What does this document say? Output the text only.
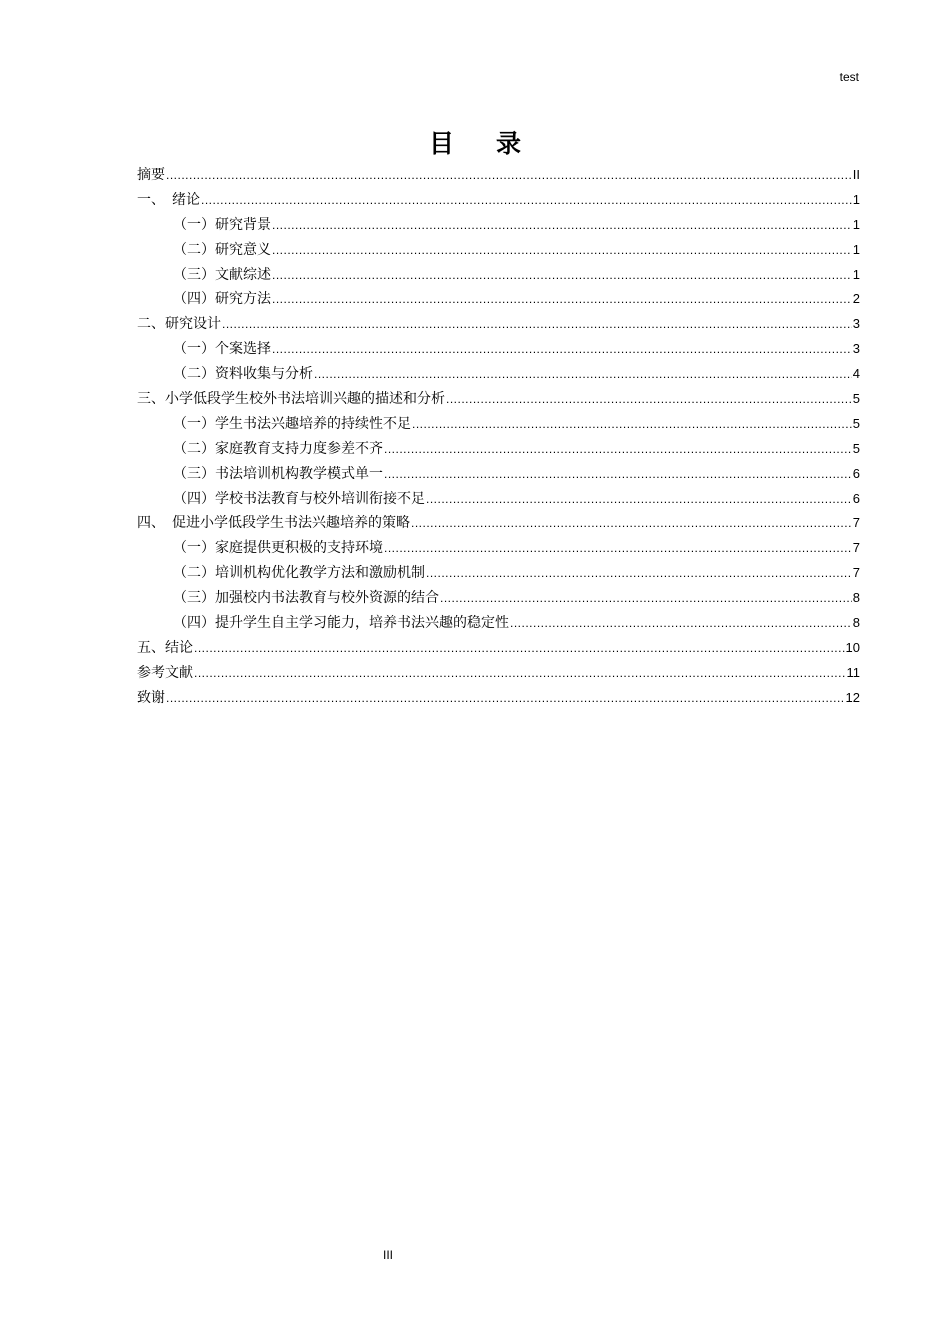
test
目录
摘要 .....	II
一、　绪论 .....	1
（一）研究背景 .....	1
（二）研究意义 .....	1
（三）文献综述 .....	1
（四）研究方法 .....	2
二、研究设计 .....	3
（一）个案选择 .....	3
（二）资料收集与分析 .....	4
三、小学低段学生校外书法培训兴趣的描述和分析 .....	5
（一）学生书法兴趣培养的持续性不足 .....	5
（二）家庭教育支持力度参差不齐 .....	5
（三）书法培训机构教学模式单一 .....	6
（四）学校书法教育与校外培训衔接不足 .....	6
四、　促进小学低段学生书法兴趣培养的策略 .....	7
（一）家庭提供更积极的支持环境 .....	7
（二）培训机构优化教学方法和激励机制 .....	7
（三）加强校内书法教育与校外资源的结合 .....	8
（四）提升学生自主学习能力，培养书法兴趣的稳定性 .....	8
五、结论 .....	10
参考文献 .....	11
致谢 .....	12
III
